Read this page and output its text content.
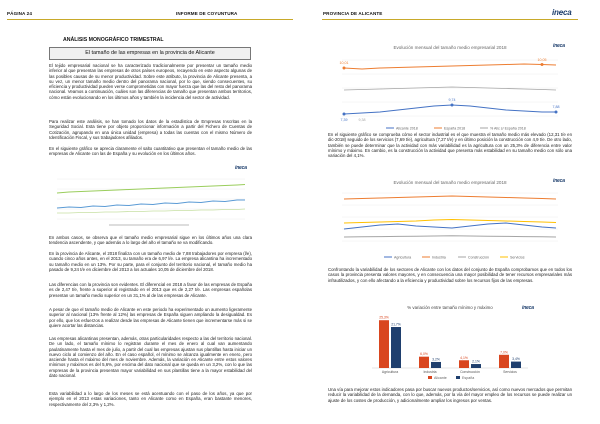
PÁGINA 24	INFORME DE COYUNTURA
ANÁLISIS MONOGRÁFICO TRIMESTRAL
El tamaño de las empresas en la provincia de Alicante

El tejido empresarial nacional se ha caracterizado tradicionalmente por presentar un tamaño medio inferior al que presentan las empresas de otros países europeos, recayendo en este aspecto algunas de las posibles causas de su menor productividad. Sobre este atributo, la provincia de Alicante presenta, a su vez, un menor tamaño medio dentro del panorama nacional, por lo que, siendo consecuentes, su eficiencia y productividad pueden verse comprometidas con mayor fuerza que las del resto del panorama nacional. Veamos a continuación, cuáles son las diferencias de tamaño que presentan ambos territorios, cómo están evolucionando en los últimos años y también la incidencia del sector de actividad.

Para realizar este análisis, se han tomado los datos de la estadística de Empresas Inscritas en la Seguridad Social. Esta tiene por objeto proporcionar información a partir del Fichero de Cuentas de Cotización, agrupando en una única unidad (empresa) a todas las cuentas con el mismo Número de Identificación Fiscal, y sus trabajadores afiliados.

En el siguiente gráfico se aprecia claramente el salto cuantitativo que presentan el tamaño medio de las empresas de Alicante con las de España y su evolución en los últimos años.

ineca

En ambos casos, se observa que el tamaño medio empresarial sigue en los últimos años una clara tendencia ascendente, y que además a lo largo del año el tamaño se va modificando.

En la provincia de Alicante, el 2018 finaliza con un tamaño medio de 7,88 trabajadores por empresa (l/e), cuando cinco años antes, en el 2013, su tamaño era de 6,97 l/e. La empresa alicantina ha incrementado su tamaño medio en un 13%. Por su parte, para el conjunto del territorio nacional, el tamaño medio ha pasado de 9,24 t/e en diciembre del 2013 a los actuales 10,05 de diciembre del 2018.

Las diferencias con la provincia son evidentes. El diferencial en 2018 a favor de las empresas de España es de 2,47 t/e, frente a superior al registrado en el 2013 que es de 2,27 t/e. Las empresas españolas presentan un tamaño medio superior en un 31,1% al de las empresas de Alicante.

A pesar de que el tamaño medio de Alicante en este periodo ha experimentado un aumento ligeramente superior al nacional (13% frente al 12%) las empresas de España siguen ampliando la desigualdad. Es por ello, que los esfuerzos a realizar desde las empresas de Alicante tienen que incrementarse más si se quiere acortar las distancias.

Las empresas alicantinas presentan, además, otras particularidades respecto a las del territorio nacional. De un lado, el tamaño mínimo lo registran durante el mes de enero al cual van aumentando paulatinamente hasta el mes de julio, a partir del cual las empresas ajustan sus plantillas hasta iniciar un nuevo ciclo al comienzo del año. En el caso español, el mínimo se alcanza igualmente en enero, pero asciende hasta el máximo del mes de noviembre. Además, la variación en Alicante entre estos valores mínimos y máximos es del 5,6%, por encima del dato nacional que se queda en un 3,2%, con lo que las empresas de la provincia presentan mayor variabilidad en sus plantillas tiene a la mayor estabilidad del dato nacional.

Esta variabilidad a lo largo de los meses se está acentuando con el paso de los años, ya que por ejemplo en el 2013 estas variaciones, tanto en Alicante como en España, eran bastante menores, respectivamente del 2,3% y 1,2%.

PROVINCIA DE ALICANTE	ineca
Evolución mensual del tamaño medio empresarial 2018
10,01
10,05
9,74
7,88
7,39	9,38
Alicante 2018	España 2018	% Alic s/ España 2018
ineca

En el siguiente gráfico se comprueba cómo el sector industrial es el que muestra el tamaño medio más elevado (12,31 t/e en dic-2018) seguido de los servicios (7,69 t/e), agricultura (7,27 t/e) y en último posición la construcción con 4,9 t/e. De otro lado, también se puede determinar que la actividad con más variabilidad es la agricultura con un 25,3% de diferencia entre valor mínimo y máximo. En cambio, es la construcción la actividad que presenta más estabilidad en su tamaño medio con sólo una variación del 4,1%.

Evolución mensual del tamaño medio empresarial 2018
Agricultura	Industria	Construcción	Servicios
ineca

Confrontando la variabilidad de los sectores de Alicante con los datos del conjunto de España comprobamos que en todos los casos la provincia presenta valores mayores, y en consecuencia una mayor posibilidad de tener recursos empresariales más infrautilizados, y con ello afectando a la eficiencia y productividad sobre los recursos fijos de las empresas.

% variación entre tamaño mínimo y máximo
25,3%
6,0%
4,1%
7,0%
21,7%
3,2%
2,1%
3,4%
Agricultura	Industria	Construcción	Servicios
Alicante	España
ineca

Una vía para mejorar estos indicadores pasa por buscar nuevos productos/servicios, así como nuevos mercados que permitan reducir la variabilidad de la demanda, con lo que, además, por la vía del mayor empleo de los recursos se puede realizar un ajuste de los costes de producción, y adicionalmente ampliar los ingresos por ventas.
